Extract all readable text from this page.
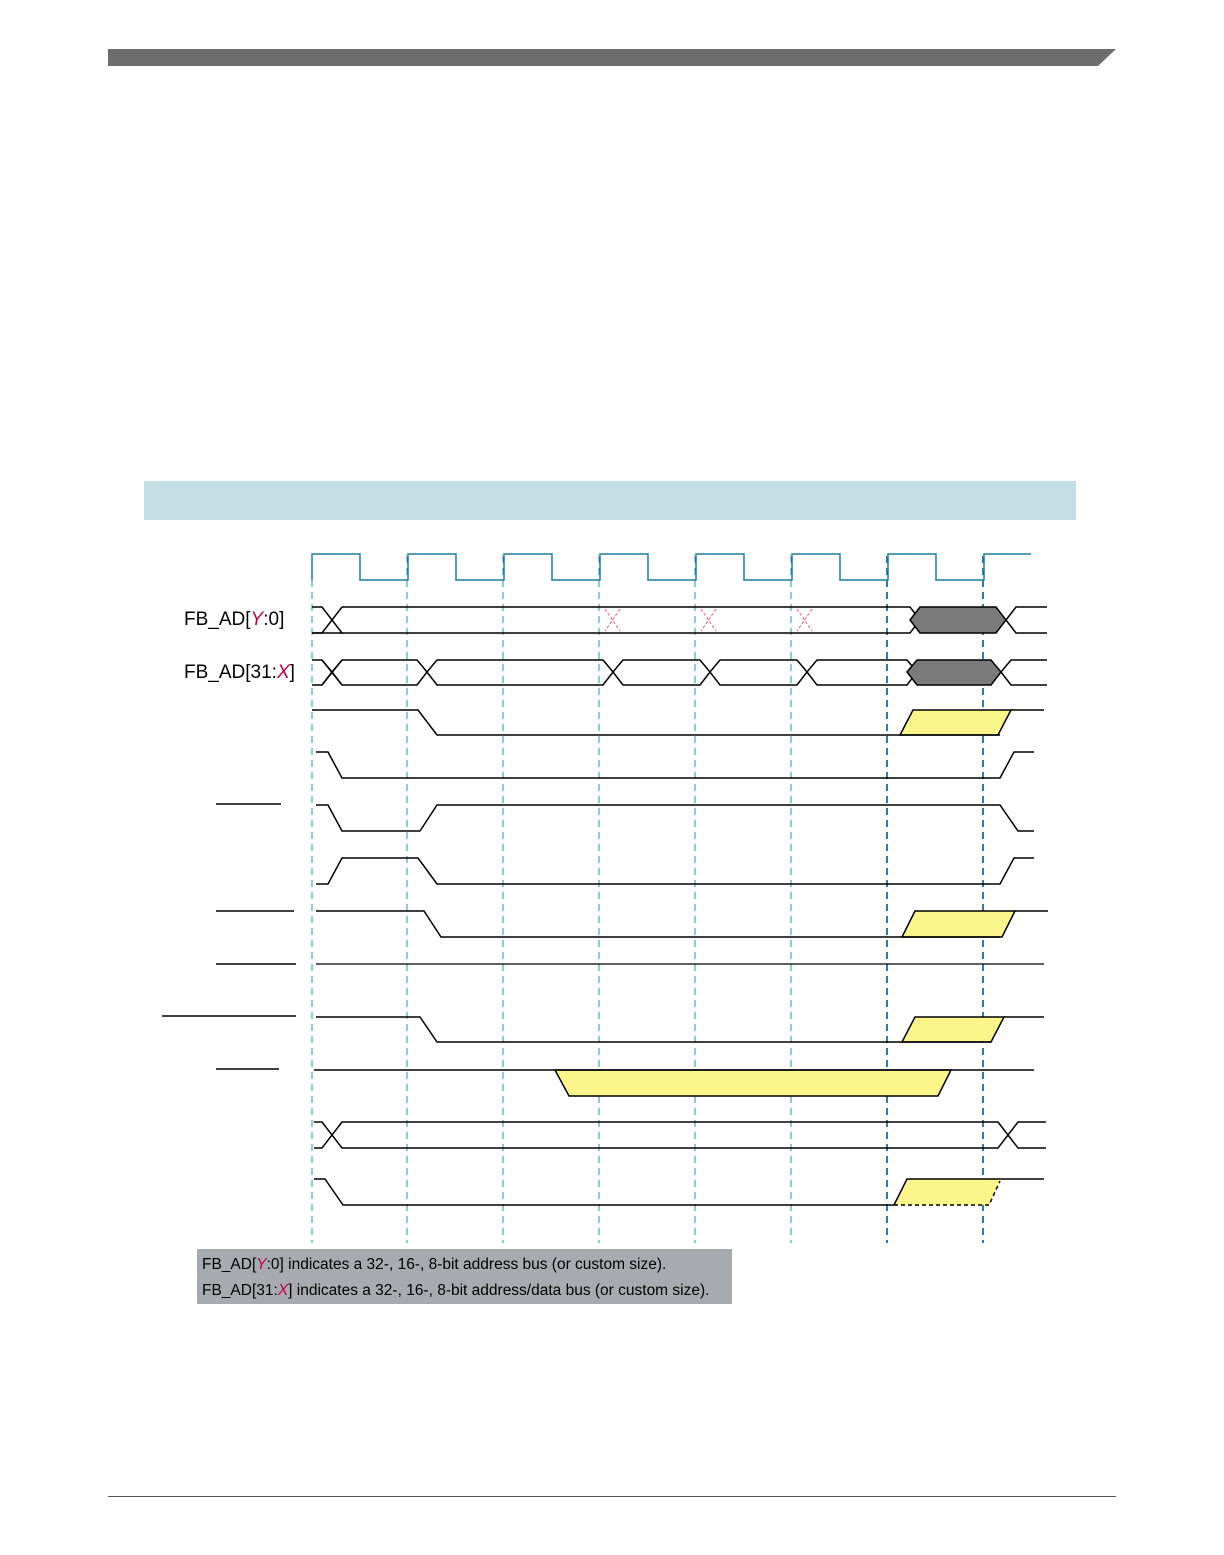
FB_AD[Y:0]
FB_AD[31:X]
FB_AD[Y:0] indicates a 32-, 16-, 8-bit address bus (or custom size).
FB_AD[31:X] indicates a 32-, 16-, 8-bit address/data bus (or custom size).
